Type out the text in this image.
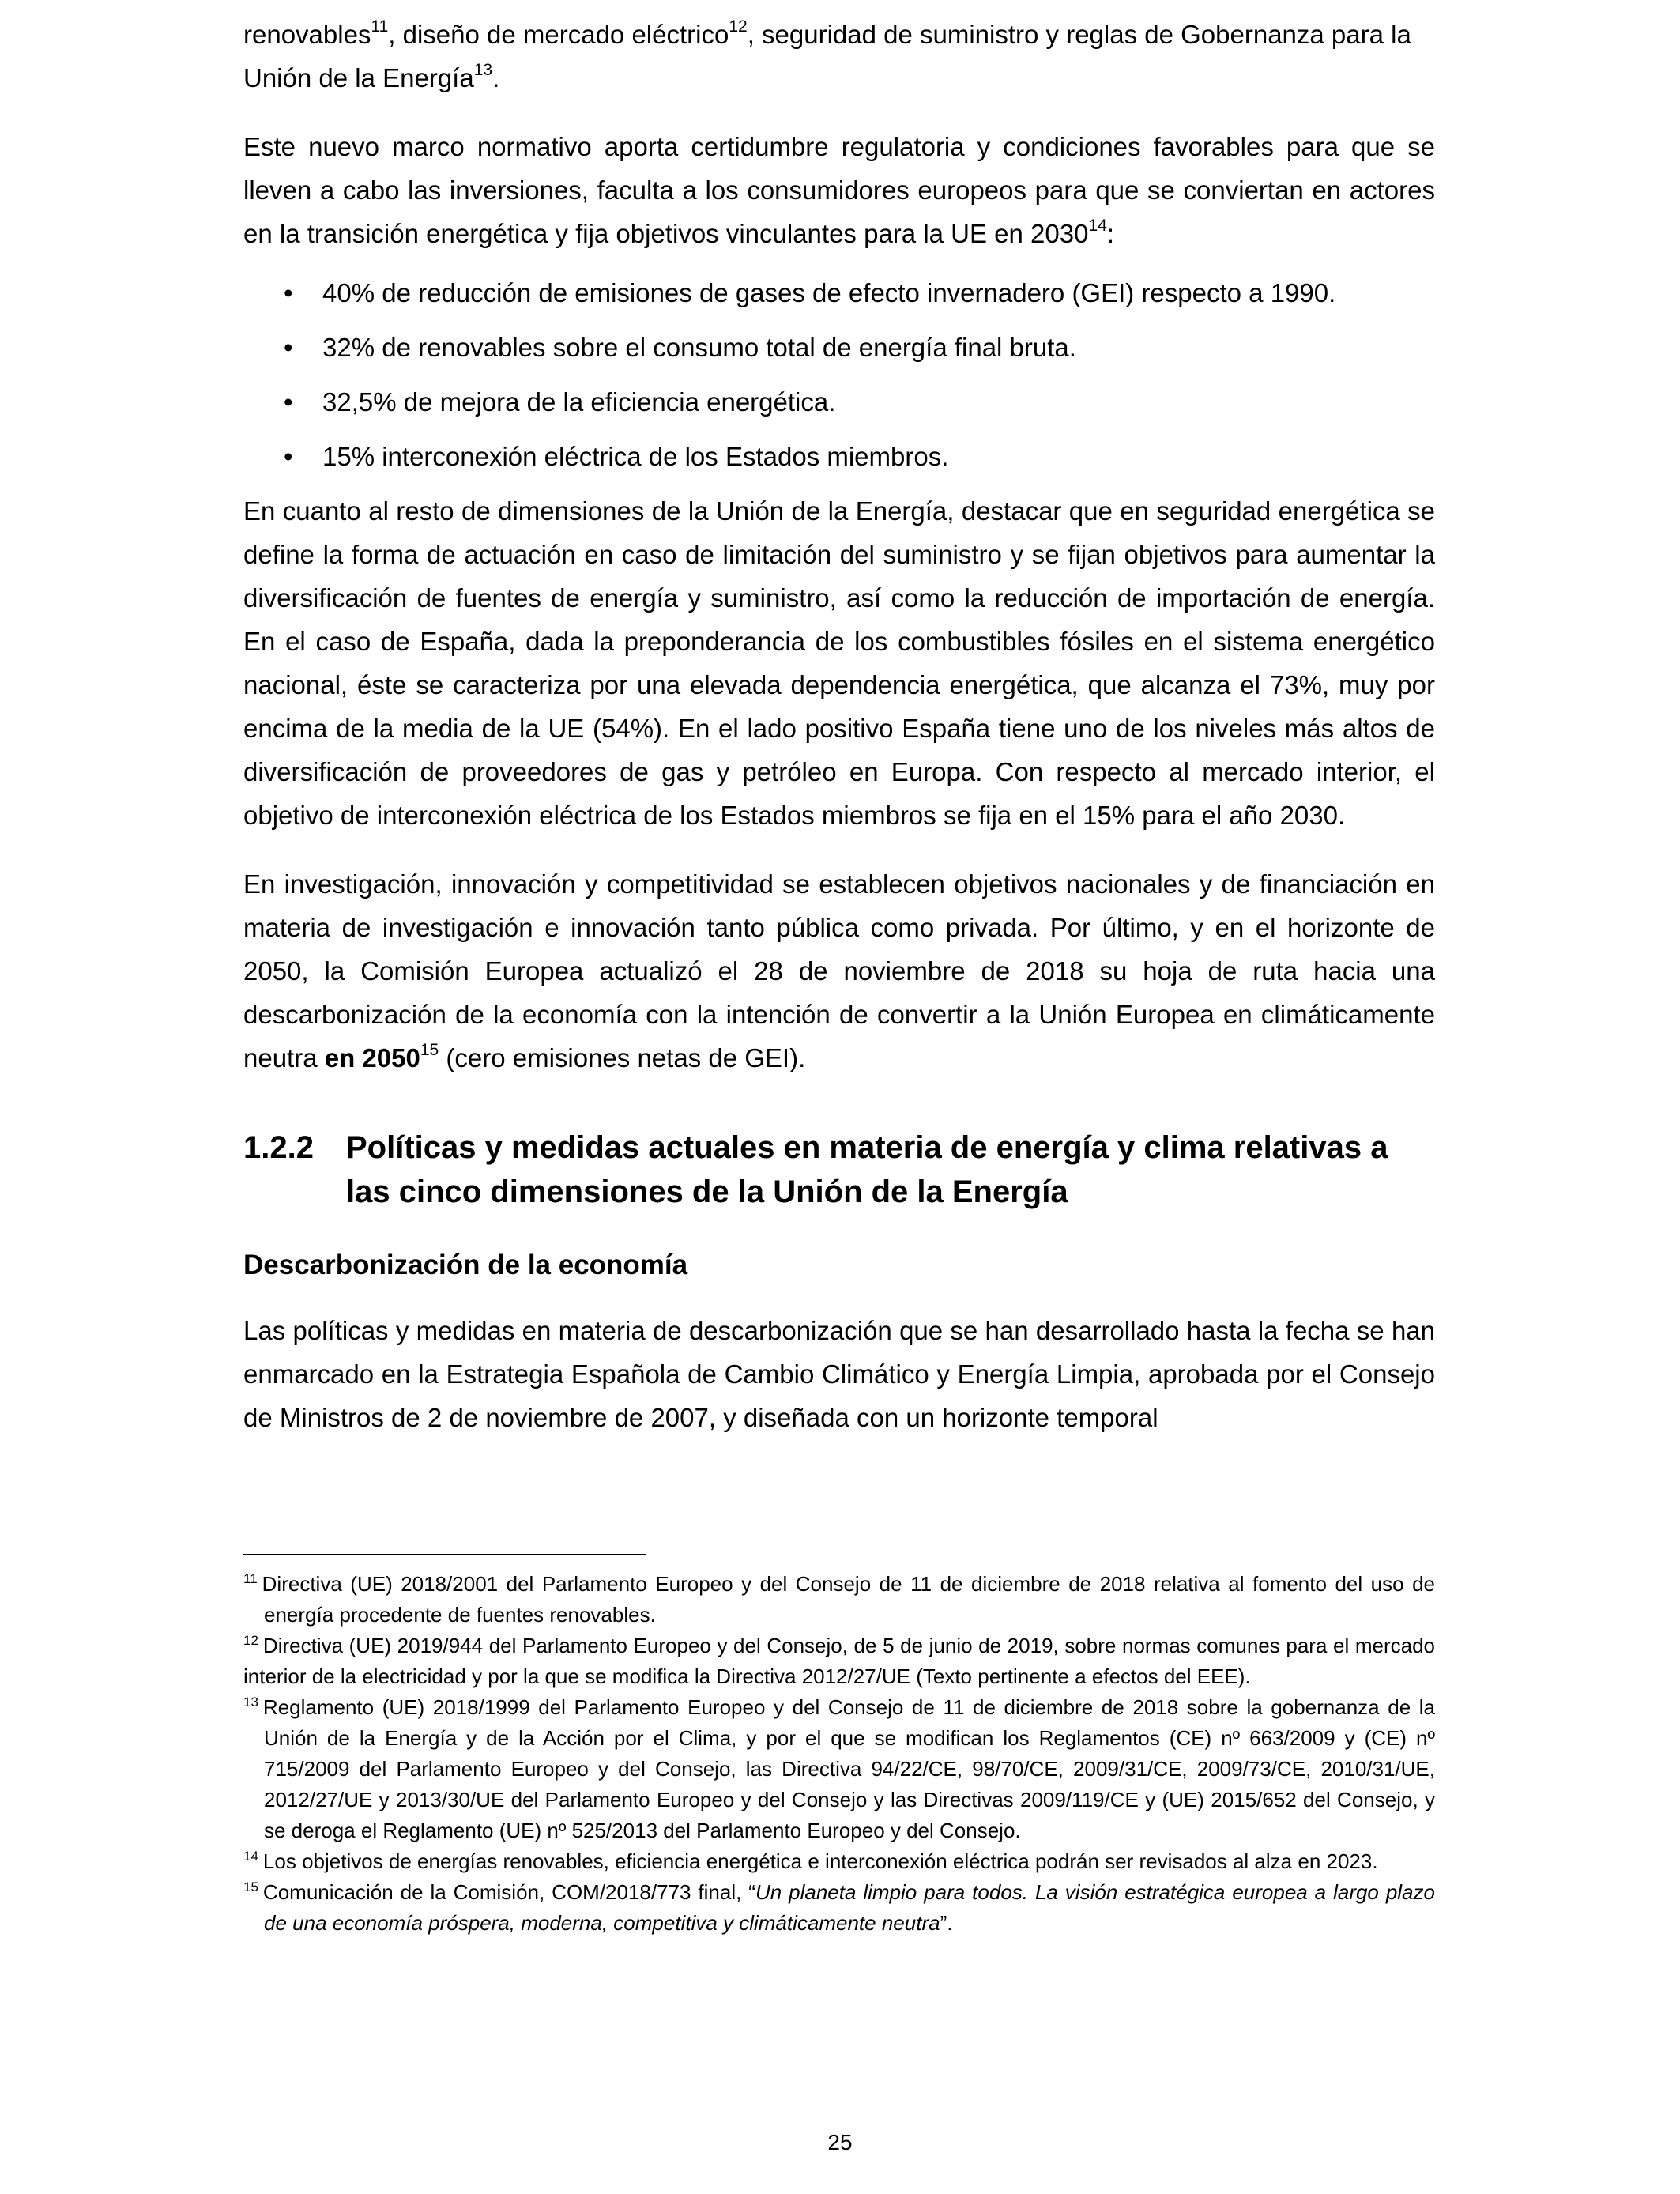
renovables$^{11}$, diseño de mercado eléctrico$^{12}$, seguridad de suministro y reglas de Gobernanza para la Unión de la Energía$^{13}$.

Este nuevo marco normativo aporta certidumbre regulatoria y condiciones favorables para que se lleven a cabo las inversiones, faculta a los consumidores europeos para que se conviertan en actores en la transición energética y fija objetivos vinculantes para la UE en 2030$^{14}$:

• 40% de reducción de emisiones de gases de efecto invernadero (GEI) respecto a 1990.
• 32% de renovables sobre el consumo total de energía final bruta.
• 32,5% de mejora de la eficiencia energética.
• 15% interconexión eléctrica de los Estados miembros.

En cuanto al resto de dimensiones de la Unión de la Energía, destacar que en seguridad energética se define la forma de actuación en caso de limitación del suministro y se fijan objetivos para aumentar la diversificación de fuentes de energía y suministro, así como la reducción de importación de energía. En el caso de España, dada la preponderancia de los combustibles fósiles en el sistema energético nacional, éste se caracteriza por una elevada dependencia energética, que alcanza el 73%, muy por encima de la media de la UE (54%). En el lado positivo España tiene uno de los niveles más altos de diversificación de proveedores de gas y petróleo en Europa. Con respecto al mercado interior, el objetivo de interconexión eléctrica de los Estados miembros se fija en el 15% para el año 2030.

En investigación, innovación y competitividad se establecen objetivos nacionales y de financiación en materia de investigación e innovación tanto pública como privada. Por último, y en el horizonte de 2050, la Comisión Europea actualizó el 28 de noviembre de 2018 su hoja de ruta hacia una descarbonización de la economía con la intención de convertir a la Unión Europea en climáticamente neutra en 2050$^{15}$ (cero emisiones netas de GEI).

1.2.2	Políticas y medidas actuales en materia de energía y clima relativas a las cinco dimensiones de la Unión de la Energía
Descarbonización de la economía

Las políticas y medidas en materia de descarbonización que se han desarrollado hasta la fecha se han enmarcado en la Estrategia Española de Cambio Climático y Energía Limpia, aprobada por el Consejo de Ministros de 2 de noviembre de 2007, y diseñada con un horizonte temporal

$^{11}$ Directiva (UE) 2018/2001 del Parlamento Europeo y del Consejo de 11 de diciembre de 2018 relativa al fomento del uso de energía procedente de fuentes renovables.

$^{12}$ Directiva (UE) 2019/944 del Parlamento Europeo y del Consejo, de 5 de junio de 2019, sobre normas comunes para el mercado interior de la electricidad y por la que se modifica la Directiva 2012/27/UE (Texto pertinente a efectos del EEE).

$^{13}$ Reglamento (UE) 2018/1999 del Parlamento Europeo y del Consejo de 11 de diciembre de 2018 sobre la gobernanza de la Unión de la Energía y de la Acción por el Clima, y por el que se modifican los Reglamentos (CE) nº 663/2009 y (CE) nº 715/2009 del Parlamento Europeo y del Consejo, las Directiva 94/22/CE, 98/70/CE, 2009/31/CE, 2009/73/CE, 2010/31/UE, 2012/27/UE y 2013/30/UE del Parlamento Europeo y del Consejo y las Directivas 2009/119/CE y (UE) 2015/652 del Consejo, y se deroga el Reglamento (UE) nº 525/2013 del Parlamento Europeo y del Consejo.

$^{14}$ Los objetivos de energías renovables, eficiencia energética e interconexión eléctrica podrán ser revisados al alza en 2023.

$^{15}$ Comunicación de la Comisión, COM/2018/773 final, “Un planeta limpio para todos. La visión estratégica europea a largo plazo de una economía próspera, moderna, competitiva y climáticamente neutra”.

25
